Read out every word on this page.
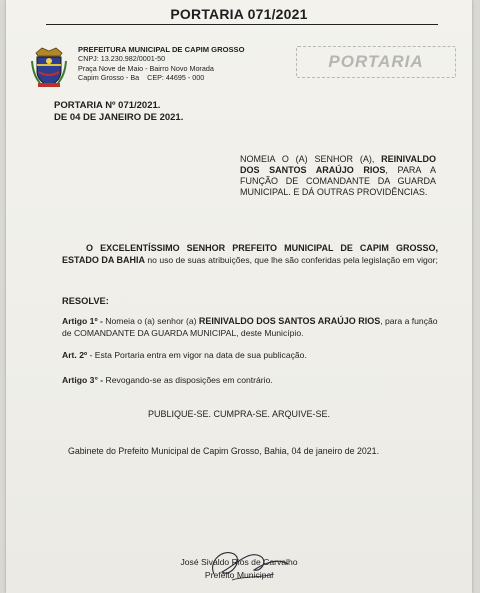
PORTARIA 071/2021
PREFEITURA MUNICIPAL DE CAPIM GROSSO
CNPJ: 13.230.982/0001-50
Praça Nove de Maio - Bairro Novo Morada
Capim Grosso - Ba CEP: 44695 - 000
PORTARIA
PORTARIA Nº 071/2021.
DE 04 DE JANEIRO DE 2021.
NOMEIA O (A) SENHOR (A), REINIVALDO DOS SANTOS ARAÚJO RIOS, PARA A FUNÇÃO DE COMANDANTE DA GUARDA MUNICIPAL. E DÁ OUTRAS PROVIDÊNCIAS.
O EXCELENTÍSSIMO SENHOR PREFEITO MUNICIPAL DE CAPIM GROSSO, ESTADO DA BAHIA no uso de suas atribuições, que lhe são conferidas pela legislação em vigor;
RESOLVE:
Artigo 1º - Nomeia o (a) senhor (a) REINIVALDO DOS SANTOS ARAÚJO RIOS, para a função de COMANDANTE DA GUARDA MUNICIPAL, deste Município.
Art. 2º - Esta Portaria entra em vigor na data de sua publicação.
Artigo 3° - Revogando-se as disposições em contrário.
PUBLIQUE-SE. CUMPRA-SE. ARQUIVE-SE.
Gabinete do Prefeito Municipal de Capim Grosso, Bahia, 04 de janeiro de 2021.
José Sivaldo Rios de Carvalho
Prefeito Municipal
